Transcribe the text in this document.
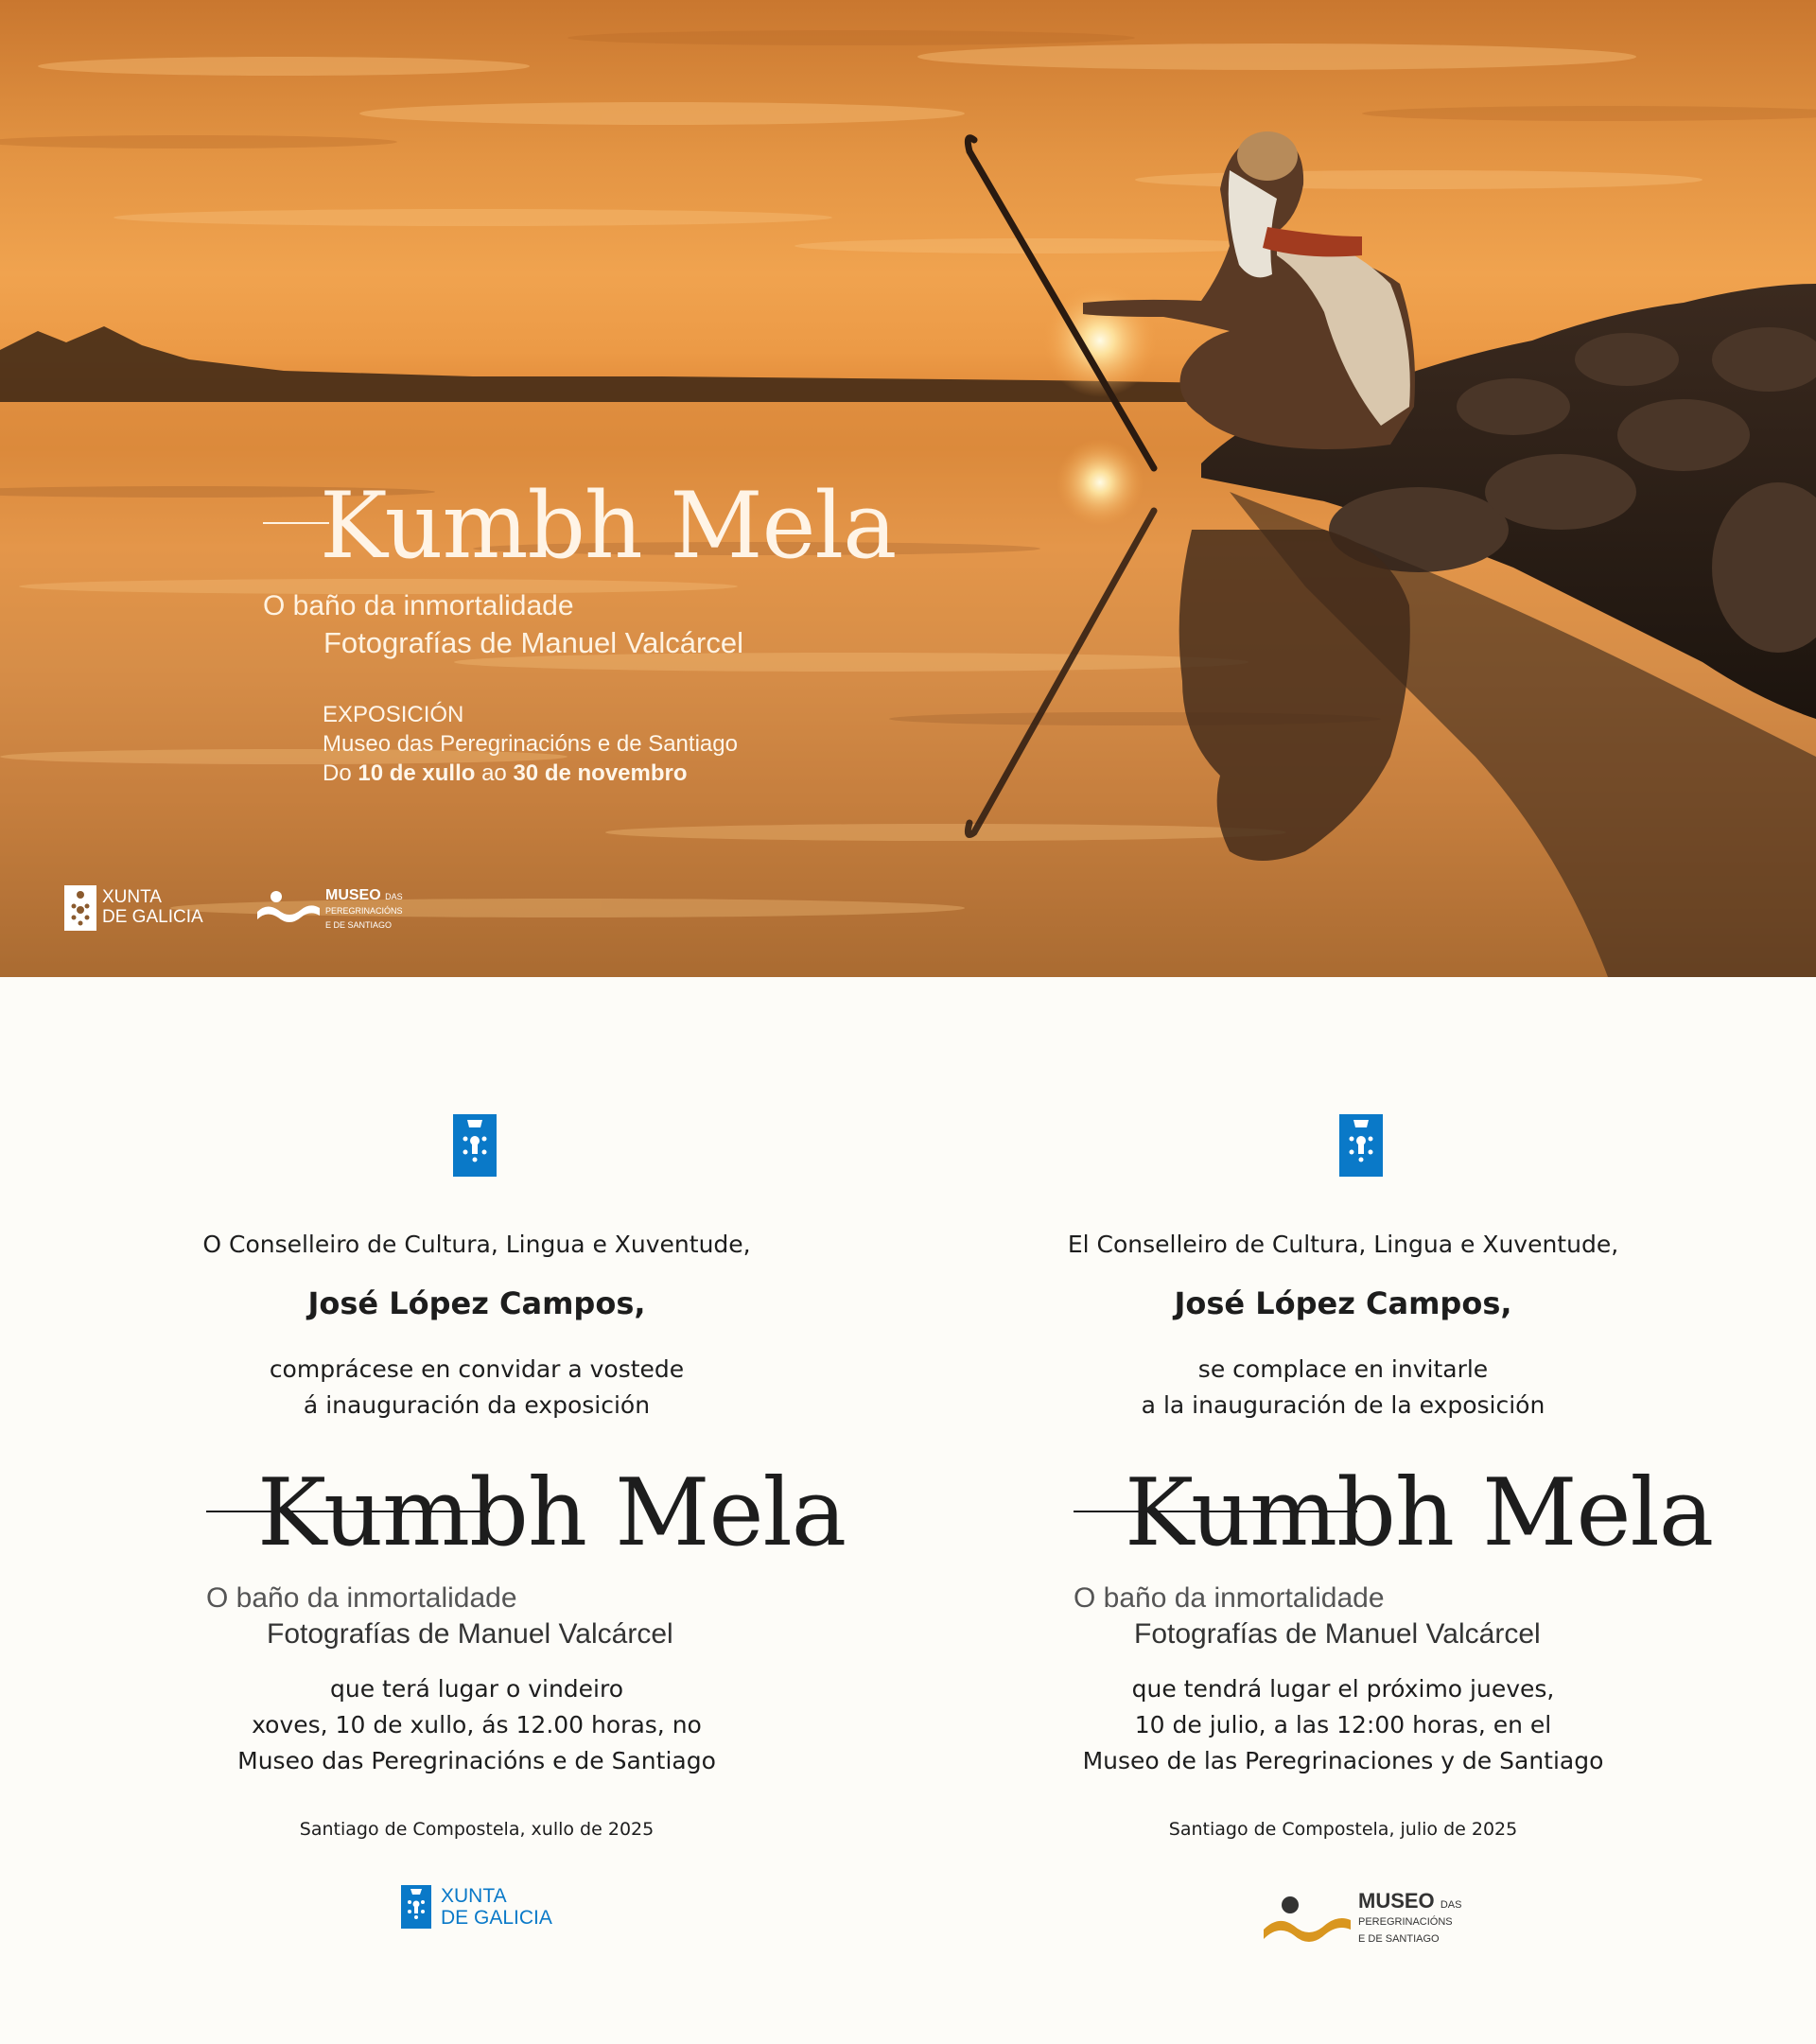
Kumbh Mela
O baño da inmortalidade
Fotografías de Manuel Valcárcel
EXPOSICIÓN
Museo das Peregrinacións e de Santiago
Do 10 de xullo ao 30 de novembro
XUNTA
DE GALICIA
MUSEO DAS
PEREGRINACIÓNS
E DE SANTIAGO
O Conselleiro de Cultura, Lingua e Xuventude,
José López Campos,
comprácese en convidar a vostede
á inauguración da exposición
Kumbh Mela
O baño da inmortalidade
Fotografías de Manuel Valcárcel
que terá lugar o vindeiro
xoves, 10 de xullo, ás 12.00 horas, no
Museo das Peregrinacións e de Santiago
Santiago de Compostela, xullo de 2025
El Conselleiro de Cultura, Lingua e Xuventude,
José López Campos,
se complace en invitarle
a la inauguración de la exposición
Kumbh Mela
O baño da inmortalidade
Fotografías de Manuel Valcárcel
que tendrá lugar el próximo jueves,
10 de julio, a las 12:00 horas, en el
Museo de las Peregrinaciones y de Santiago
Santiago de Compostela, julio de 2025
XUNTA
DE GALICIA
MUSEO DAS
PEREGRINACIÓNS
E DE SANTIAGO
